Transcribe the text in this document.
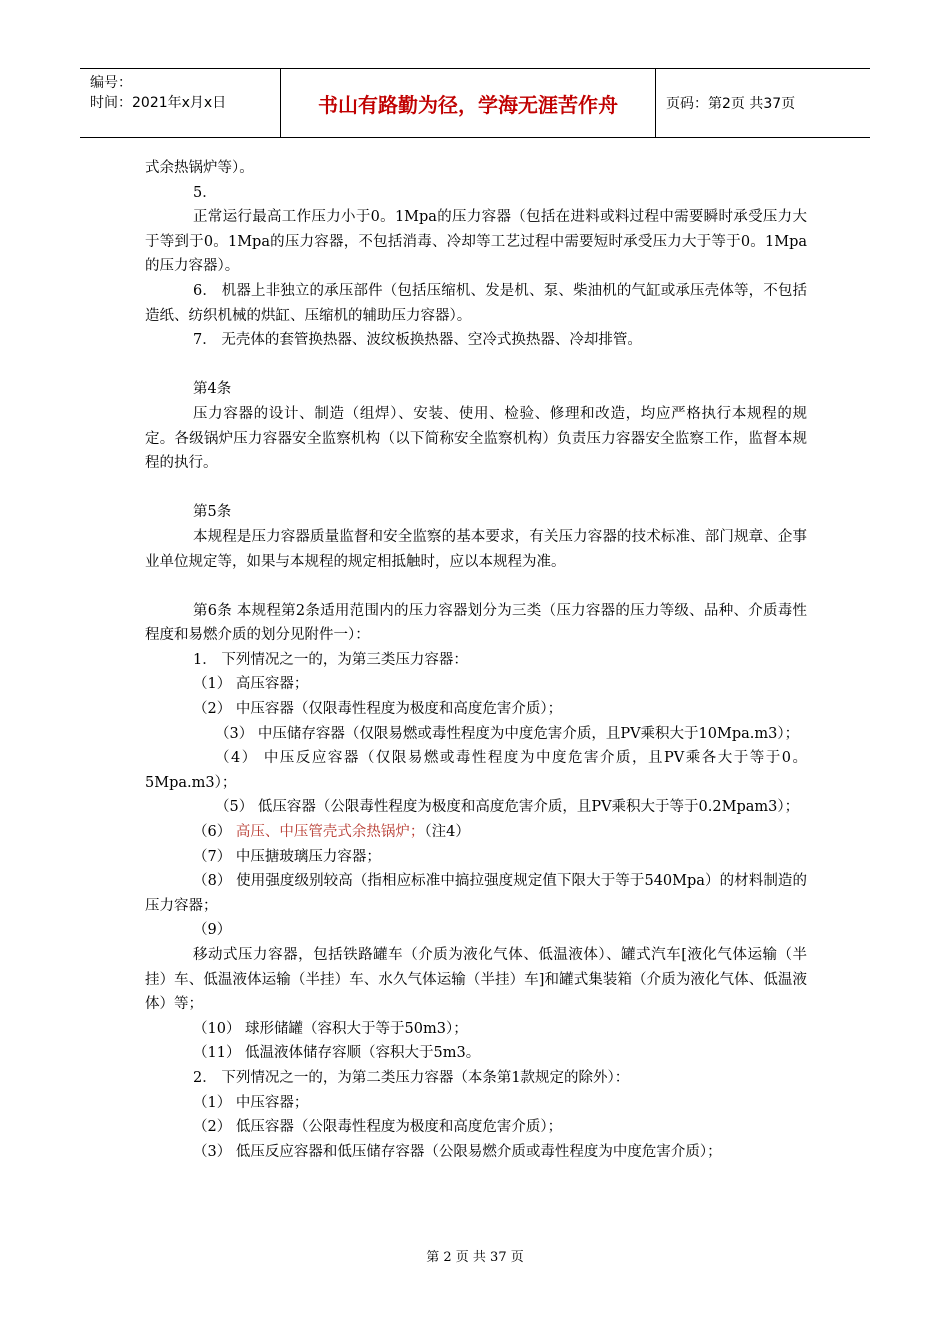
编号：
时间：2021年x月x日	书山有路勤为径，学海无涯苦作舟	页码：第2页 共37页

式余热锅炉等）。

5．

正常运行最高工作压力小于0。1Mpa的压力容器（包括在进料或料过程中需要瞬时承受压力大于等到于0。1Mpa的压力容器，不包括消毒、冷却等工艺过程中需要短时承受压力大于等于0。1Mpa的压力容器）。

6． 机器上非独立的承压部件（包括压缩机、发是机、泵、柴油机的气缸或承压壳体等，不包括造纸、纺织机械的烘缸、压缩机的辅助压力容器）。

7． 无壳体的套管换热器、波纹板换热器、空冷式换热器、冷却排管。

第4条

压力容器的设计、制造（组焊）、安装、使用、检验、修理和改造，均应严格执行本规程的规定。各级锅炉压力容器安全监察机构（以下简称安全监察机构）负责压力容器安全监察工作，监督本规程的执行。

第5条

本规程是压力容器质量监督和安全监察的基本要求，有关压力容器的技术标准、部门规章、企事业单位规定等，如果与本规程的规定相抵触时，应以本规程为准。

第6条 本规程第2条适用范围内的压力容器划分为三类（压力容器的压力等级、品种、介质毒性程度和易燃介质的划分见附件一）：

1． 下列情况之一的，为第三类压力容器：

（1） 高压容器；

（2） 中压容器（仅限毒性程度为极度和高度危害介质）；

（3） 中压储存容器（仅限易燃或毒性程度为中度危害介质，且PV乘积大于10Mpa.m3）；

（4） 中压反应容器（仅限易燃或毒性程度为中度危害介质，且PV乘各大于等于0。5Mpa.m3）；

（5） 低压容器（公限毒性程度为极度和高度危害介质，且PV乘积大于等于0.2Mpam3）；

（6） 高压、中压管壳式余热锅炉；（注4）

（7） 中压搪玻璃压力容器；

（8） 使用强度级别较高（指相应标准中搞拉强度规定值下限大于等于540Mpa）的材料制造的压力容器；

（9）

移动式压力容器，包括铁路罐车（介质为液化气体、低温液体）、罐式汽车[液化气体运输（半挂）车、低温液体运输（半挂）车、水久气体运输（半挂）车]和罐式集装箱（介质为液化气体、低温液体）等；

（10） 球形储罐（容积大于等于50m3）；

（11） 低温液体储存容顺（容积大于5m3。

2． 下列情况之一的，为第二类压力容器（本条第1款规定的除外）：

（1） 中压容器；

（2） 低压容器（公限毒性程度为极度和高度危害介质）；

（3） 低压反应容器和低压储存容器（公限易燃介质或毒性程度为中度危害介质）；

第 2 页 共 37 页
